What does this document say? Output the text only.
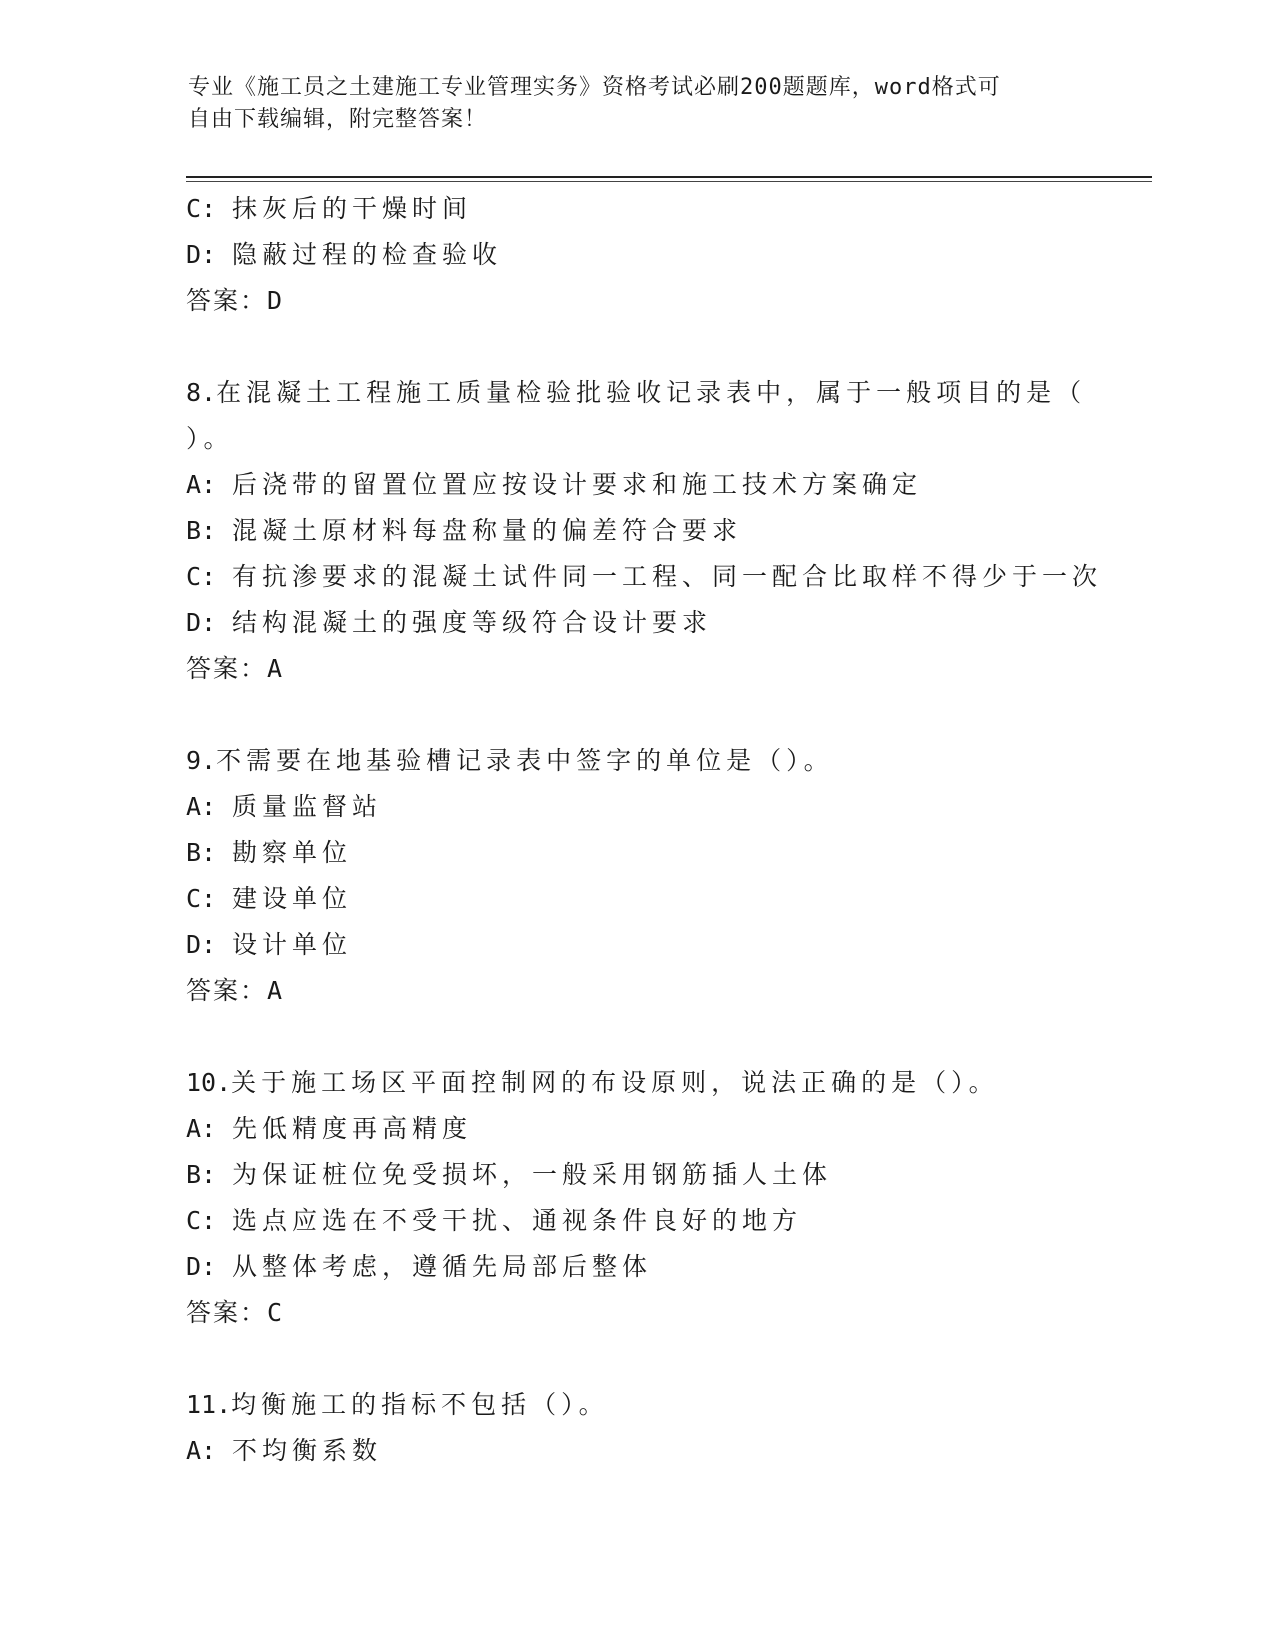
专业《施工员之土建施工专业管理实务》资格考试必刷200题题库，word格式可
自由下载编辑，附完整答案！
C: 抹灰后的干燥时间
D: 隐蔽过程的检查验收
答案：D
8.在混凝土工程施工质量检验批验收记录表中，属于一般项目的是（
）。
A: 后浇带的留置位置应按设计要求和施工技术方案确定
B: 混凝土原材料每盘称量的偏差符合要求
C: 有抗渗要求的混凝土试件同一工程、同一配合比取样不得少于一次
D: 结构混凝土的强度等级符合设计要求
答案：A
9.不需要在地基验槽记录表中签字的单位是（）。
A: 质量监督站
B: 勘察单位
C: 建设单位
D: 设计单位
答案：A
10.关于施工场区平面控制网的布设原则，说法正确的是（）。
A: 先低精度再高精度
B: 为保证桩位免受损坏，一般采用钢筋插人土体
C: 选点应选在不受干扰、通视条件良好的地方
D: 从整体考虑，遵循先局部后整体
答案：C
11.均衡施工的指标不包括（）。
A: 不均衡系数
